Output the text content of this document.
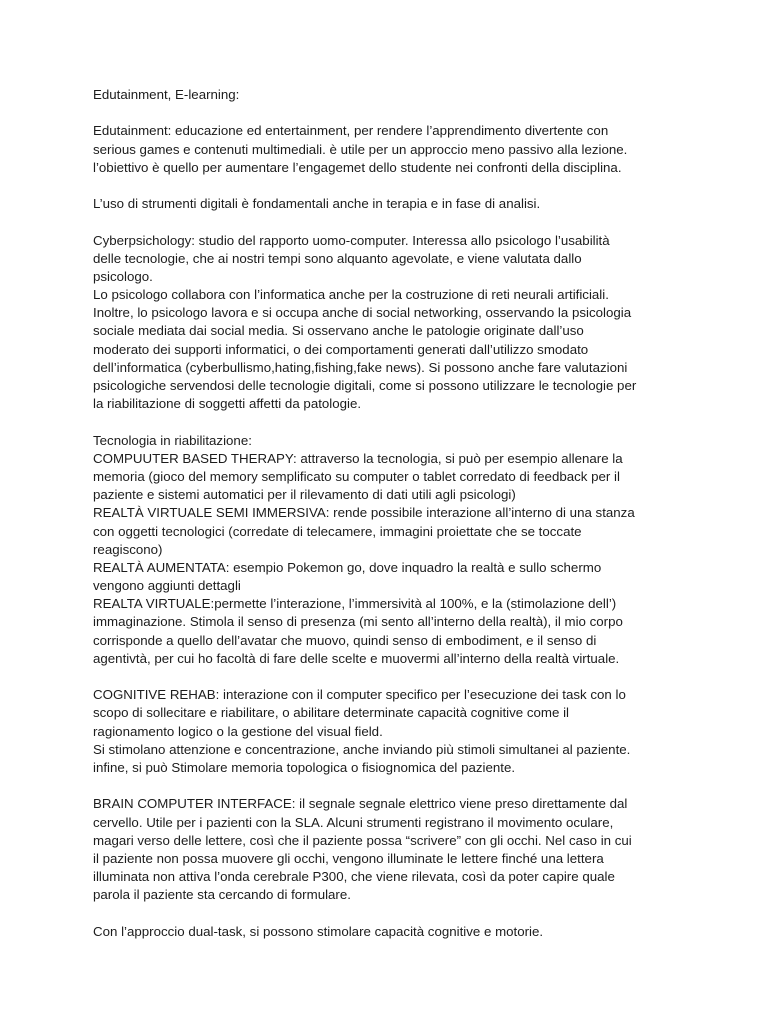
Edutainment, E-learning:
Edutainment: educazione ed entertainment, per rendere l’apprendimento divertente con
serious games e contenuti multimediali. è utile per un approccio meno passivo alla lezione.
l’obiettivo è quello per aumentare l’engagemet dello studente nei confronti della disciplina.
L’uso di strumenti digitali è fondamentali anche in terapia e in fase di analisi.
Cyberpsichology: studio del rapporto uomo-computer. Interessa allo psicologo l’usabilità
delle tecnologie, che ai nostri tempi sono alquanto agevolate, e viene valutata dallo
psicologo.
Lo psicologo collabora con l’informatica anche per la costruzione di reti neurali artificiali.
Inoltre, lo psicologo lavora e si occupa anche di social networking, osservando la psicologia
sociale mediata dai social media. Si osservano anche le patologie originate dall’uso
moderato dei supporti informatici, o dei comportamenti generati dall’utilizzo smodato
dell’informatica (cyberbullismo,hating,fishing,fake news). Si possono anche fare valutazioni
psicologiche servendosi delle tecnologie digitali, come si possono utilizzare le tecnologie per
la riabilitazione di soggetti affetti da patologie.
Tecnologia in riabilitazione:
COMPUUTER BASED THERAPY: attraverso la tecnologia, si può per esempio allenare la
memoria (gioco del memory semplificato su computer o tablet corredato di feedback per il
paziente e sistemi automatici per il rilevamento di dati utili agli psicologi)
REALTÀ VIRTUALE SEMI IMMERSIVA: rende possibile interazione all’interno di una stanza
con oggetti tecnologici (corredate di telecamere, immagini proiettate che se toccate
reagiscono)
REALTÀ AUMENTATA: esempio Pokemon go, dove inquadro la realtà e sullo schermo
vengono aggiunti dettagli
REALTA VIRTUALE:permette l’interazione, l’immersività al 100%, e la (stimolazione dell’)
immaginazione. Stimola il senso di presenza (mi sento all’interno della realtà), il mio corpo
corrisponde a quello dell’avatar che muovo, quindi senso di embodiment, e il senso di
agentivtà, per cui ho facoltà di fare delle scelte e muovermi all’interno della realtà virtuale.
COGNITIVE REHAB: interazione con il computer specifico per l’esecuzione dei task con lo
scopo di sollecitare e riabilitare, o abilitare determinate capacità cognitive come il
ragionamento logico o la gestione del visual field.
Si stimolano attenzione e concentrazione, anche inviando più stimoli simultanei al paziente.
infine, si può Stimolare memoria topologica o fisiognomica del paziente.
BRAIN COMPUTER INTERFACE: il segnale segnale elettrico viene preso direttamente dal
cervello. Utile per i pazienti con la SLA. Alcuni strumenti registrano il movimento oculare,
magari verso delle lettere, così che il paziente possa “scrivere” con gli occhi. Nel caso in cui
il paziente non possa muovere gli occhi, vengono illuminate le lettere finché una lettera
illuminata non attiva l’onda cerebrale P300, che viene rilevata, così da poter capire quale
parola il paziente sta cercando di formulare.
Con l’approccio dual-task, si possono stimolare capacità cognitive e motorie.
